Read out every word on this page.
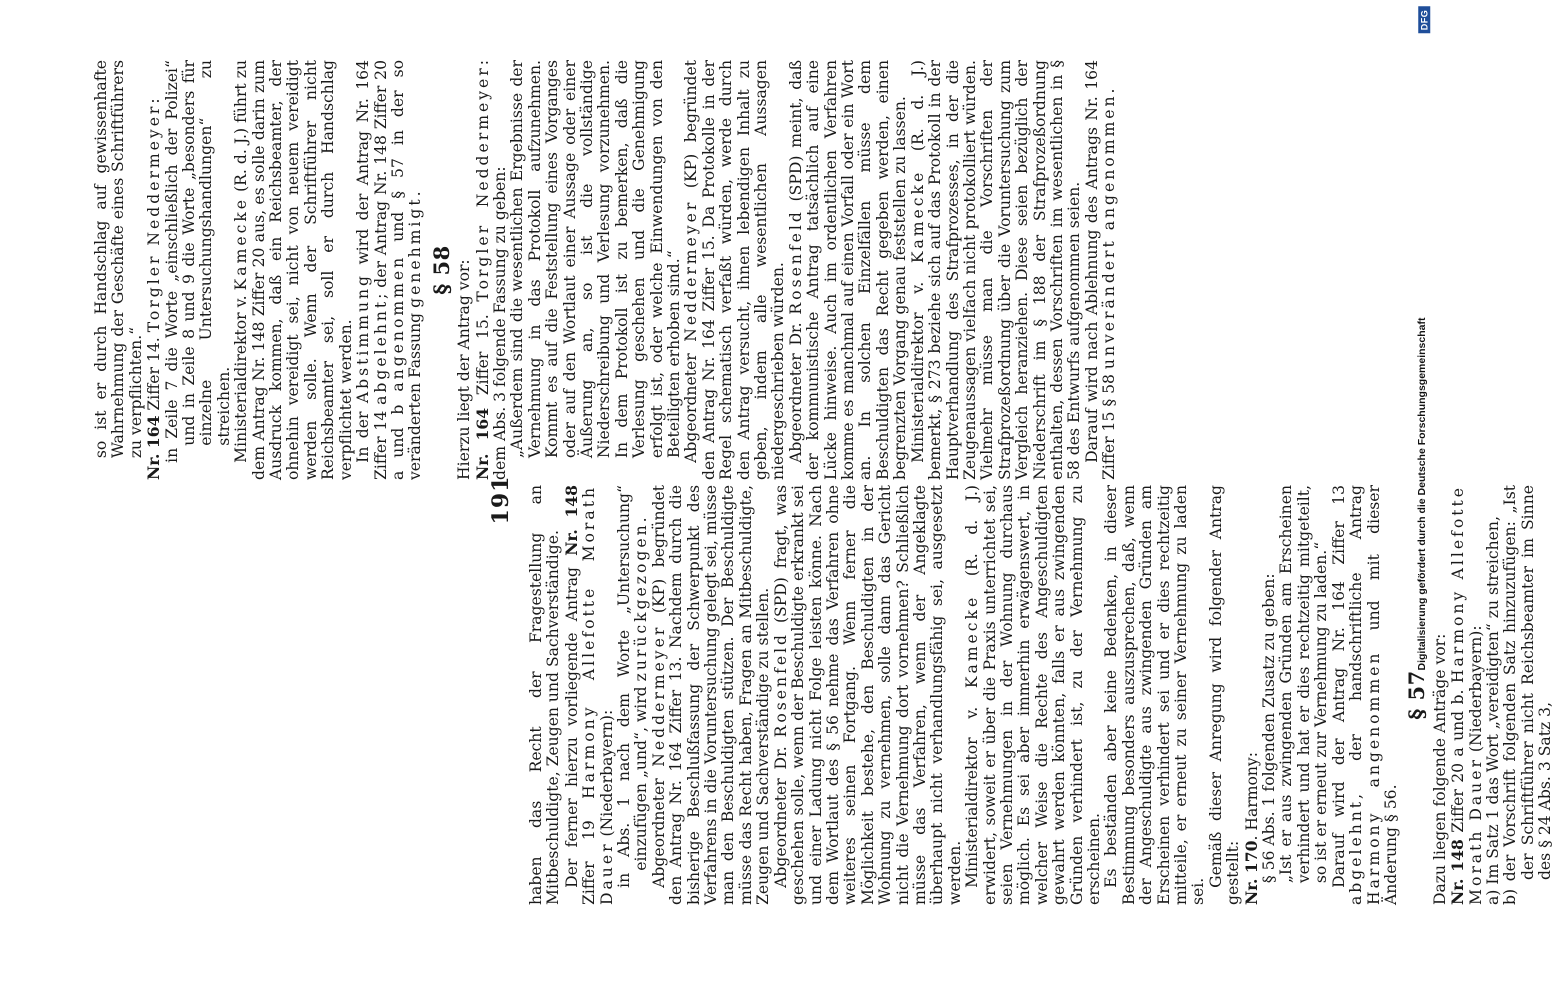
191 haben das Recht der Fragestellung an Mitbeschuldigte, Zeugen und Sachverständige. Der ferner hierzu vorliegende Antrag Nr. 148 Ziffer 19 Harmony Allefotte Morath Dauer (Niederbayern): in Abs. 1 nach dem Worte „Untersuchung“ einzufügen „und“, wird zurückgezogen.

Abgeordneter Neddermeyer (KP) begründet den Antrag Nr. 164 Ziffer 13. Nachdem durch die bisherige Beschlußfassung der Schwerpunkt des Verfahrens in die Voruntersuchung gelegt sei, müsse man den Beschuldigten stützen. Der Beschuldigte müsse das Recht haben, Fragen an Mitbeschuldigte, Zeugen und Sachverständige zu stellen. Abgeordneter Dr. Rosenfeld (SPD) fragt, was geschehen solle, wenn der Beschuldigte erkrankt sei und einer Ladung nicht Folge leisten könne. Nach dem Wortlaut des § 56 nehme das Verfahren ohne weiteres seinen Fortgang. Wenn ferner die Möglichkeit bestehe, den Beschuldigten in der Wohnung zu vernehmen, solle dann das Gericht nicht die Vernehmung dort vornehmen? Schließlich müsse das Verfahren, wenn der Angeklagte überhaupt nicht verhandlungsfähig sei, ausgesetzt werden. Ministerialdirektor v. Kamecke (R. d. J.) erwidert, soweit er über die Praxis unterrichtet sei, seien Vernehmungen in der Wohnung durchaus möglich. Es sei aber immerhin erwägenswert, in welcher Weise die Rechte des Angeschuldigten gewahrt werden könnten, falls er aus zwingenden Gründen verhindert ist, zu der Vernehmung zu erscheinen. Es beständen aber keine Bedenken, in dieser Bestimmung besonders auszusprechen, daß, wenn der Angeschuldigte aus zwingenden Gründen am Erscheinen verhindert sei und er dies rechtzeitig mitteile, er erneut zu seiner Vernehmung zu laden sei.

Gemäß dieser Anregung wird folgender Antrag gestellt: Nr. 170. Harmony: § 56 Abs. 1 folgenden Zusatz zu geben: „Ist er aus zwingenden Gründen am Erscheinen verhindert und hat er dies rechtzeitig mitgeteilt, so ist er erneut zur Vernehmung zu laden.“ Darauf wird der Antrag Nr. 164 Ziffer 13 abgelehnt, der handschriftliche Antrag Harmony angenommen und mit dieser Änderung § 56.

§ 57 Dazu liegen folgende Anträge vor: Nr. 148 Ziffer 20 a und b. Harmony Allefotte Morath Dauer (Niederbayern): a) Im Satz 1 das Wort „vereidigten“ zu streichen, b) der Vorschrift folgenden Satz hinzuzufügen: „Ist der Schriftführer nicht Reichsbeamter im Sinne des § 24 Abs. 3 Satz 3,

so ist er durch Handschlag auf gewissenhafte Wahrnehmung der Geschäfte eines Schriftführers zu verpflichten.“ Nr. 164 Ziffer 14. Torgler Neddermeyer: in Zeile 7 die Worte „einschließlich der Polizei“ und in Zeile 8 und 9 die Worte „besonders für einzelne Untersuchungshandlungen“ zu streichen. Ministerialdirektor v. Kamecke (R. d. J.) führt zu dem Antrag Nr. 148 Ziffer 20 aus, es solle darin zum Ausdruck kommen, daß ein Reichsbeamter, der ohnehin vereidigt sei, nicht von neuem vereidigt werden solle. Wenn der Schriftführer nicht Reichsbeamter sei, soll er durch Handschlag verpflichtet werden. In der Abstimmung wird der Antrag Nr. 164 Ziffer 14 abgelehnt; der Antrag Nr. 148 Ziffer 20 a und b angenommen und § 57 in der so veränderten Fassung genehmigt. § 58 Hierzu liegt der Antrag vor: Nr. 164 Ziffer 15. Torgler Neddermeyer: dem Abs. 3 folgende Fassung zu geben: „Außerdem sind die wesentlichen Ergebnisse der Vernehmung in das Protokoll aufzunehmen. Kommt es auf die Feststellung eines Vorganges oder auf den Wortlaut einer Aussage oder einer Äußerung an, so ist die vollständige Niederschreibung und Verlesung vorzunehmen. In dem Protokoll ist zu bemerken, daß die Verlesung geschehen und die Genehmigung erfolgt ist, oder welche Einwendungen von den Beteiligten erhoben sind.“ Abgeordneter Neddermeyer (KP) begründet den Antrag Nr. 164 Ziffer 15. Da Protokolle in der Regel schematisch verfaßt würden, werde durch den Antrag versucht, ihnen lebendigen Inhalt zu geben, indem alle wesentlichen Aussagen niedergeschrieben würden. Abgeordneter Dr. Rosenfeld (SPD) meint, daß der kommunistische Antrag tatsächlich auf eine Lücke hinweise. Auch im ordentlichen Verfahren komme es manchmal auf einen Vorfall oder ein Wort an. In solchen Einzelfällen müsse dem Beschuldigten das Recht gegeben werden, einen begrenzten Vorgang genau feststellen zu lassen. Ministerialdirektor v. Kamecke (R. d. J.) bemerkt, § 273 beziehe sich auf das Protokoll in der Hauptverhandlung des Strafprozesses, in der die Zeugenaussagen vielfach nicht protokolliert würden. Vielmehr müsse man die Vorschriften der Strafprozeßordnung über die Voruntersuchung zum Vergleich heranziehen. Diese seien bezüglich der Niederschrift im § 188 der Strafprozeßordnung enthalten, dessen Vorschriften im wesentlichen in § 58 des Entwurfs aufgenommen seien. Darauf wird nach Ablehnung des Antrags Nr. 164 Ziffer 15 § 58 unverändert angenommen.

Digitalisierung gefördert durch die Deutsche Forschungsgemeinschaft
DFG
